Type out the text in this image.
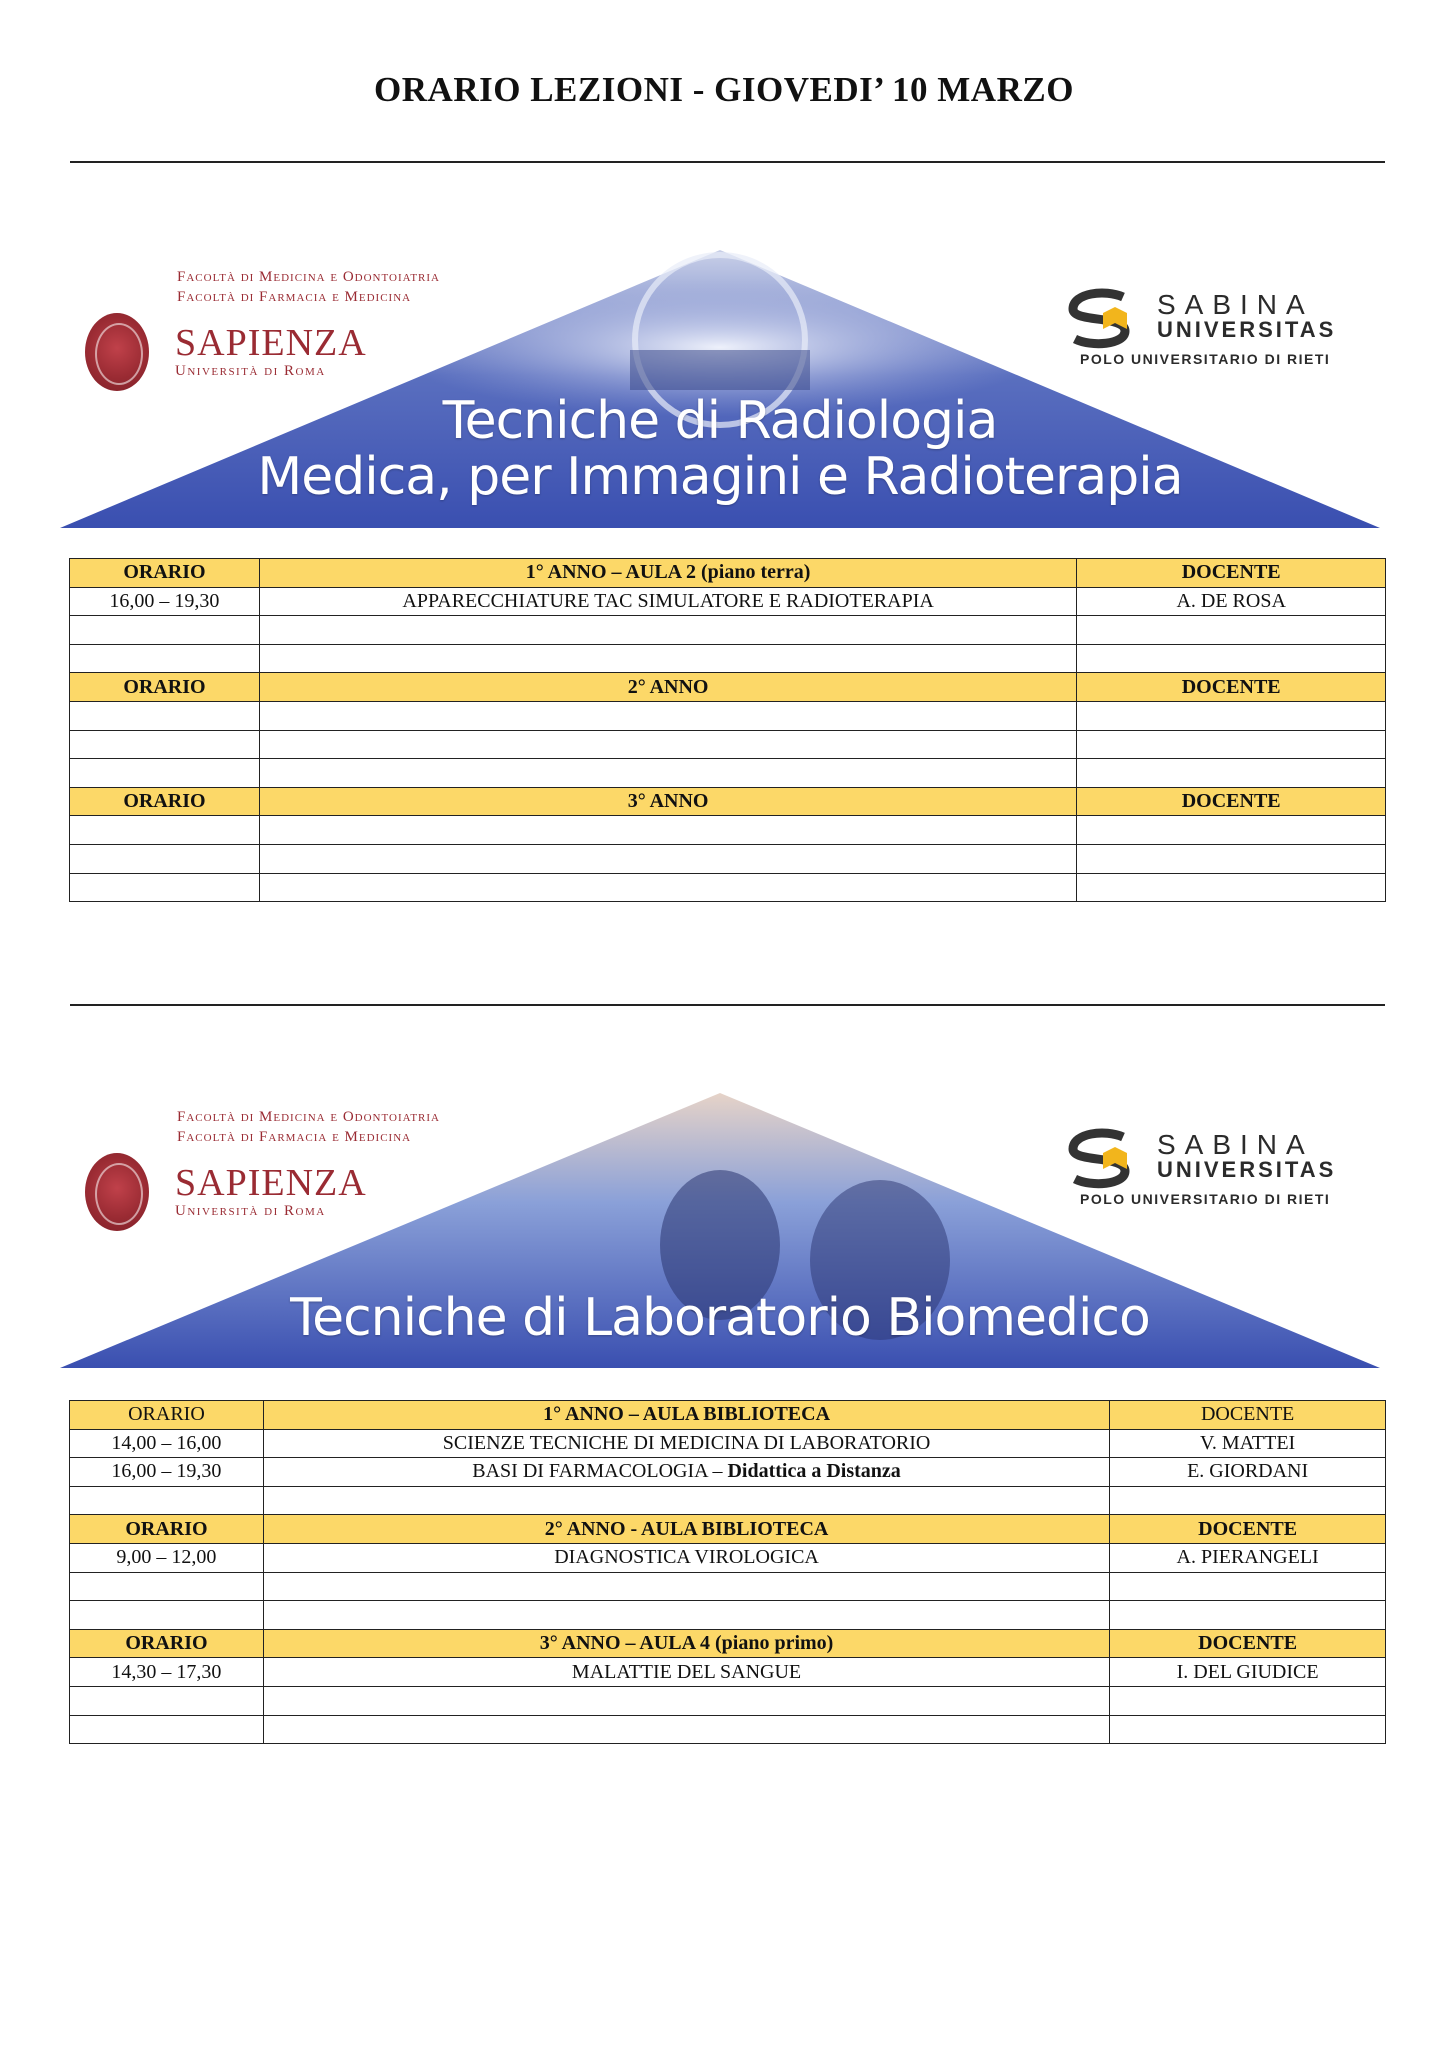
ORARIO LEZIONI - GIOVEDI’ 10 MARZO
Facoltà di Medicina e Odontoiatria
Facoltà di Farmacia e Medicina
SAPIENZA
Università di Roma
SABINA
UNIVERSITAS
POLO UNIVERSITARIO DI RIETI
Tecniche di Radiologia
Medica, per Immagini e Radioterapia
ORARIO	1° ANNO – AULA 2 (piano terra)	DOCENTE
16,00 – 19,30	APPARECCHIATURE TAC SIMULATORE E RADIOTERAPIA	A. DE ROSA

ORARIO	2° ANNO	DOCENTE

ORARIO	3° ANNO	DOCENTE

Facoltà di Medicina e Odontoiatria
Facoltà di Farmacia e Medicina
SAPIENZA
Università di Roma
SABINA
UNIVERSITAS
POLO UNIVERSITARIO DI RIETI
Tecniche di Laboratorio Biomedico
ORARIO	1° ANNO – AULA BIBLIOTECA	DOCENTE
14,00 – 16,00	SCIENZE TECNICHE DI MEDICINA DI LABORATORIO	V. MATTEI
16,00 – 19,30	BASI DI FARMACOLOGIA – Didattica a Distanza	E. GIORDANI

ORARIO	2° ANNO - AULA BIBLIOTECA	DOCENTE
9,00 – 12,00	DIAGNOSTICA VIROLOGICA	A. PIERANGELI

ORARIO	3° ANNO – AULA 4 (piano primo)	DOCENTE
14,30 – 17,30	MALATTIE DEL SANGUE	I. DEL GIUDICE
